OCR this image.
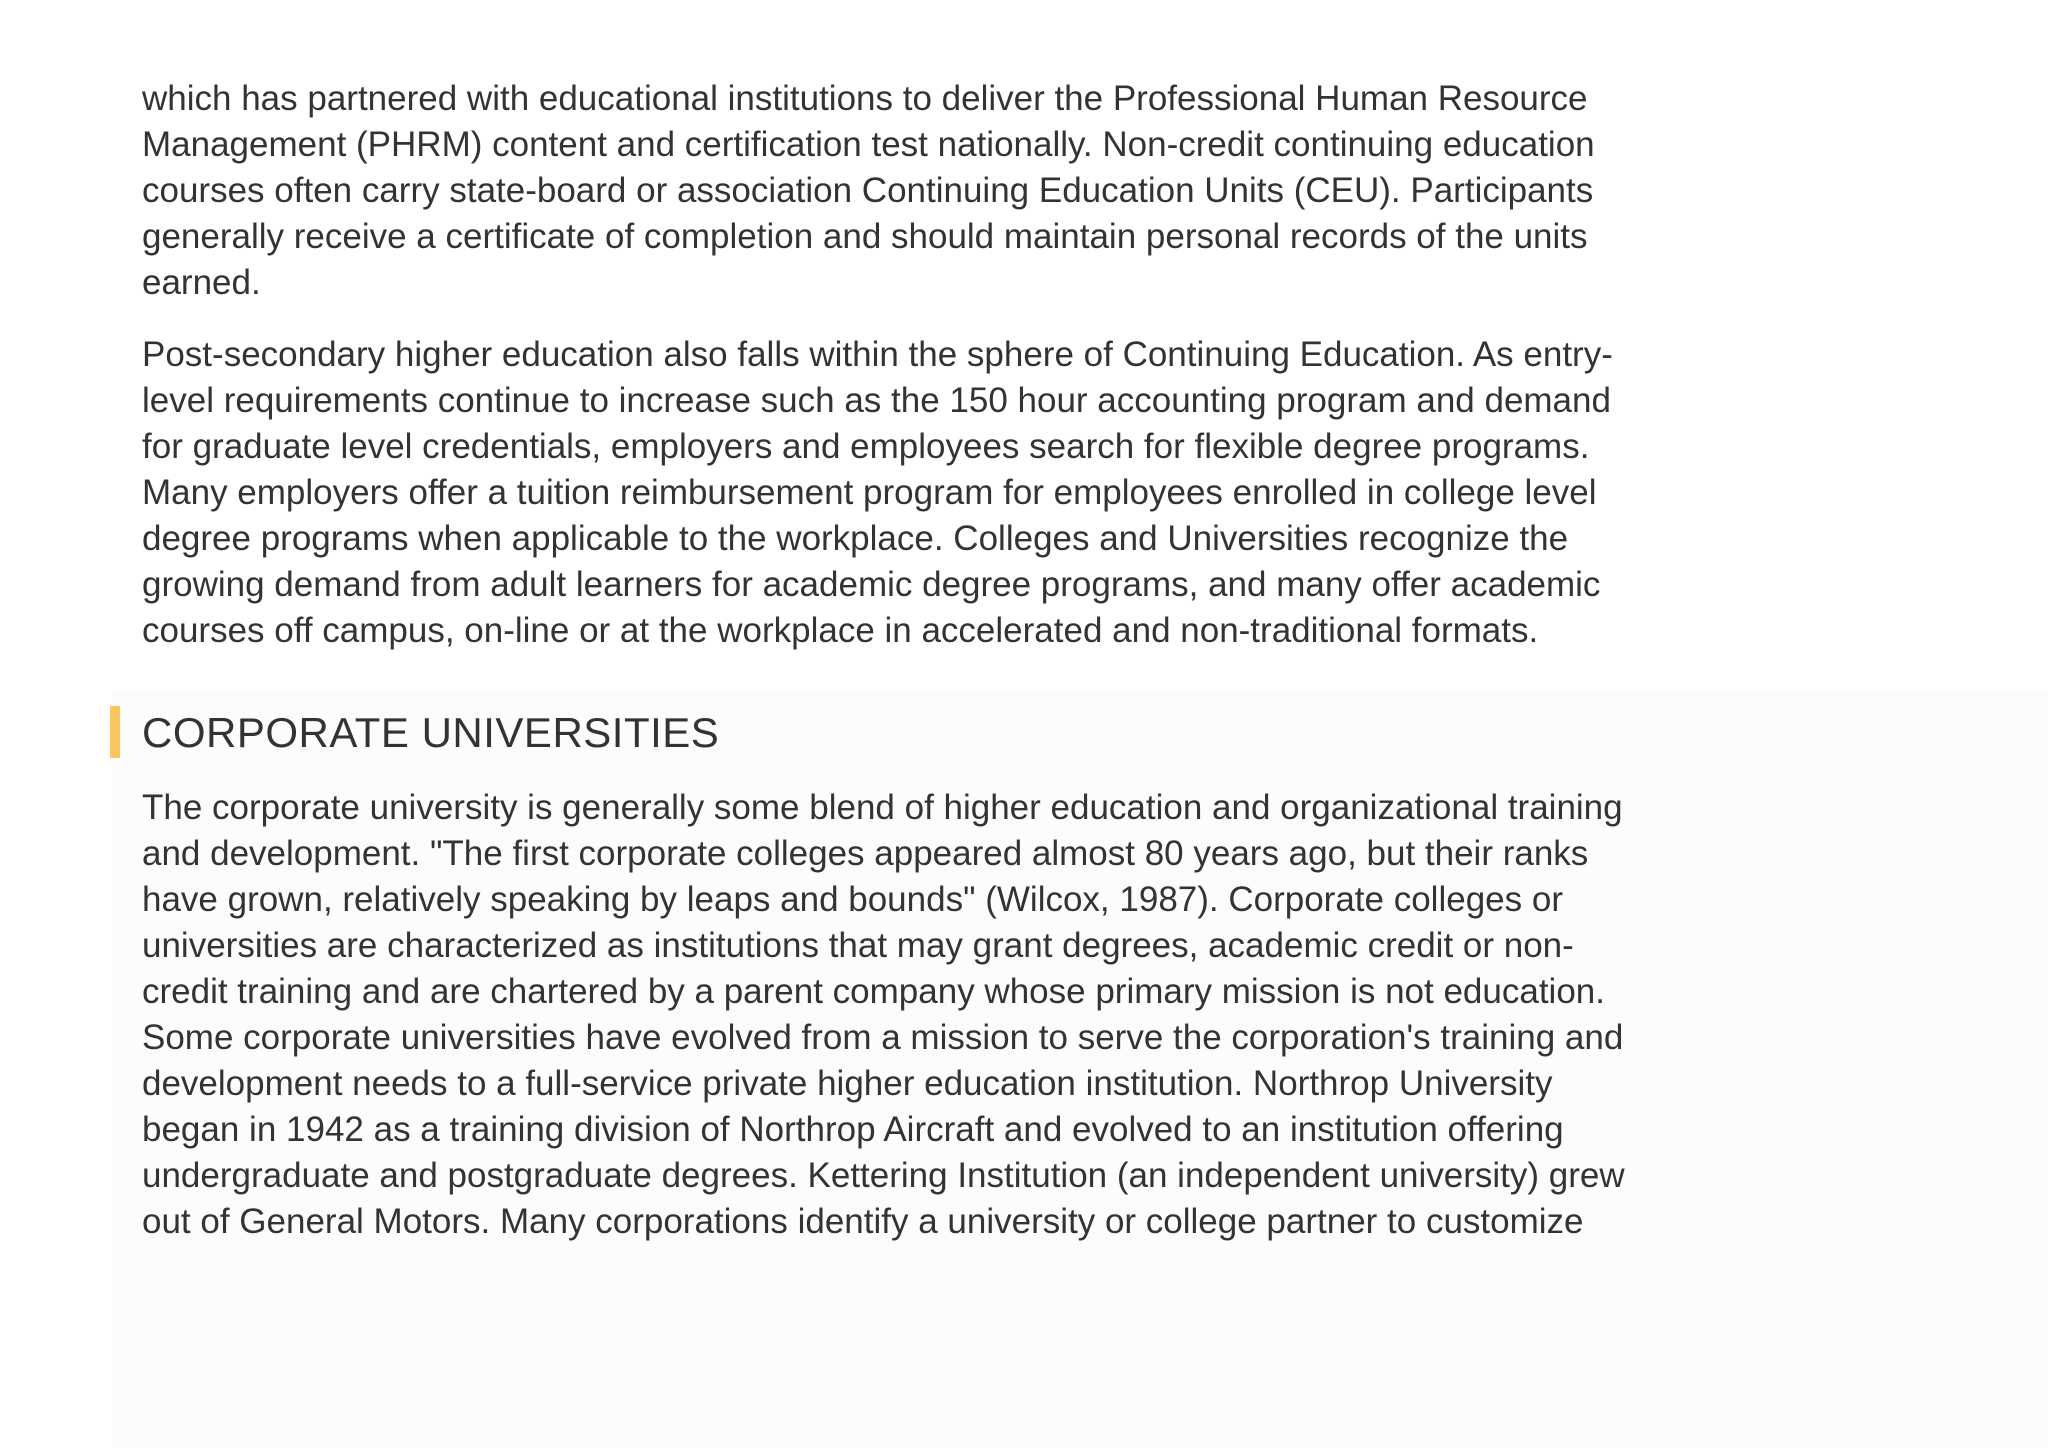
which has partnered with educational institutions to deliver the Professional Human Resource
Management (PHRM) content and certification test nationally. Non-credit continuing education
courses often carry state-board or association Continuing Education Units (CEU). Participants
generally receive a certificate of completion and should maintain personal records of the units
earned.
Post-secondary higher education also falls within the sphere of Continuing Education. As entry-
level requirements continue to increase such as the 150 hour accounting program and demand
for graduate level credentials, employers and employees search for flexible degree programs.
Many employers offer a tuition reimbursement program for employees enrolled in college level
degree programs when applicable to the workplace. Colleges and Universities recognize the
growing demand from adult learners for academic degree programs, and many offer academic
courses off campus, on-line or at the workplace in accelerated and non-traditional formats.
CORPORATE UNIVERSITIES
The corporate university is generally some blend of higher education and organizational training
and development. "The first corporate colleges appeared almost 80 years ago, but their ranks
have grown, relatively speaking by leaps and bounds" (Wilcox, 1987). Corporate colleges or
universities are characterized as institutions that may grant degrees, academic credit or non-
credit training and are chartered by a parent company whose primary mission is not education.
Some corporate universities have evolved from a mission to serve the corporation's training and
development needs to a full-service private higher education institution. Northrop University
began in 1942 as a training division of Northrop Aircraft and evolved to an institution offering
undergraduate and postgraduate degrees. Kettering Institution (an independent university) grew
out of General Motors. Many corporations identify a university or college partner to customize
